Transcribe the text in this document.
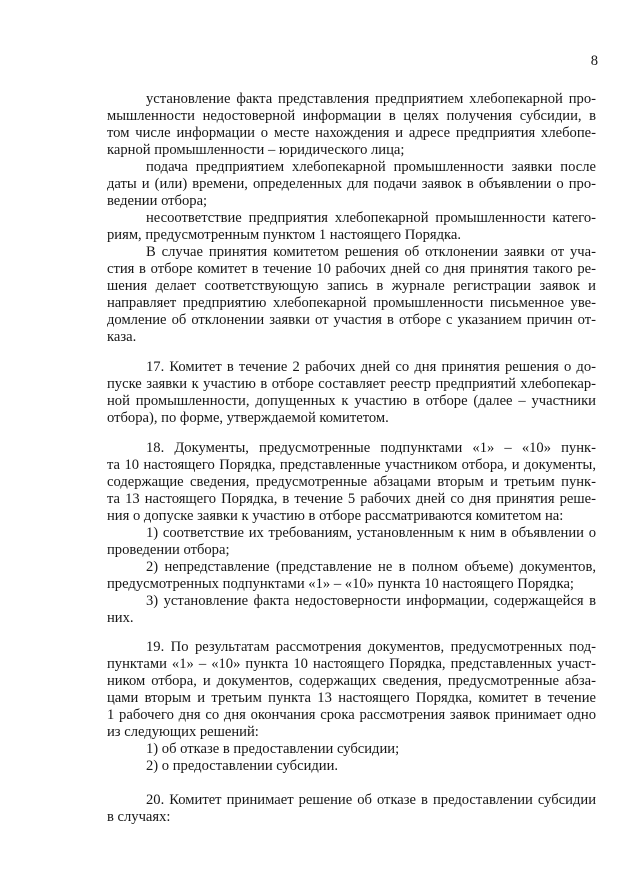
8
установление факта представления предприятием хлебопекарной про-
мышленности недостоверной информации в целях получения субсидии, в
том числе информации о месте нахождения и адресе предприятия хлебопе-
карной промышленности – юридического лица;
подача предприятием хлебопекарной промышленности заявки после
даты и (или) времени, определенных для подачи заявок в объявлении о про-
ведении отбора;
несоответствие предприятия хлебопекарной промышленности катего-
риям, предусмотренным пунктом 1 настоящего Порядка.
В случае принятия комитетом решения об отклонении заявки от уча-
стия в отборе комитет в течение 10 рабочих дней со дня принятия такого ре-
шения делает соответствующую запись в журнале регистрации заявок и
направляет предприятию хлебопекарной промышленности письменное уве-
домление об отклонении заявки от участия в отборе с указанием причин от-
каза.
17. Комитет в течение 2 рабочих дней со дня принятия решения о до-
пуске заявки к участию в отборе составляет реестр предприятий хлебопекар-
ной промышленности, допущенных к участию в отборе (далее – участники
отбора), по форме, утверждаемой комитетом.
18. Документы, предусмотренные подпунктами «1» – «10» пунк-
та 10 настоящего Порядка, представленные участником отбора, и документы,
содержащие сведения, предусмотренные абзацами вторым и третьим пунк-
та 13 настоящего Порядка, в течение 5 рабочих дней со дня принятия реше-
ния о допуске заявки к участию в отборе рассматриваются комитетом на:
1) соответствие их требованиям, установленным к ним в объявлении о
проведении отбора;
2) непредставление (представление не в полном объеме) документов,
предусмотренных подпунктами «1» – «10» пункта 10 настоящего Порядка;
3) установление факта недостоверности информации, содержащейся в
них.
19. По результатам рассмотрения документов, предусмотренных под-
пунктами «1» – «10» пункта 10 настоящего Порядка, представленных участ-
ником отбора, и документов, содержащих сведения, предусмотренные абза-
цами вторым и третьим пункта 13 настоящего Порядка, комитет в течение
1 рабочего дня со дня окончания срока рассмотрения заявок принимает одно
из следующих решений:
1) об отказе в предоставлении субсидии;
2) о предоставлении субсидии.
20. Комитет принимает решение об отказе в предоставлении субсидии
в случаях:
